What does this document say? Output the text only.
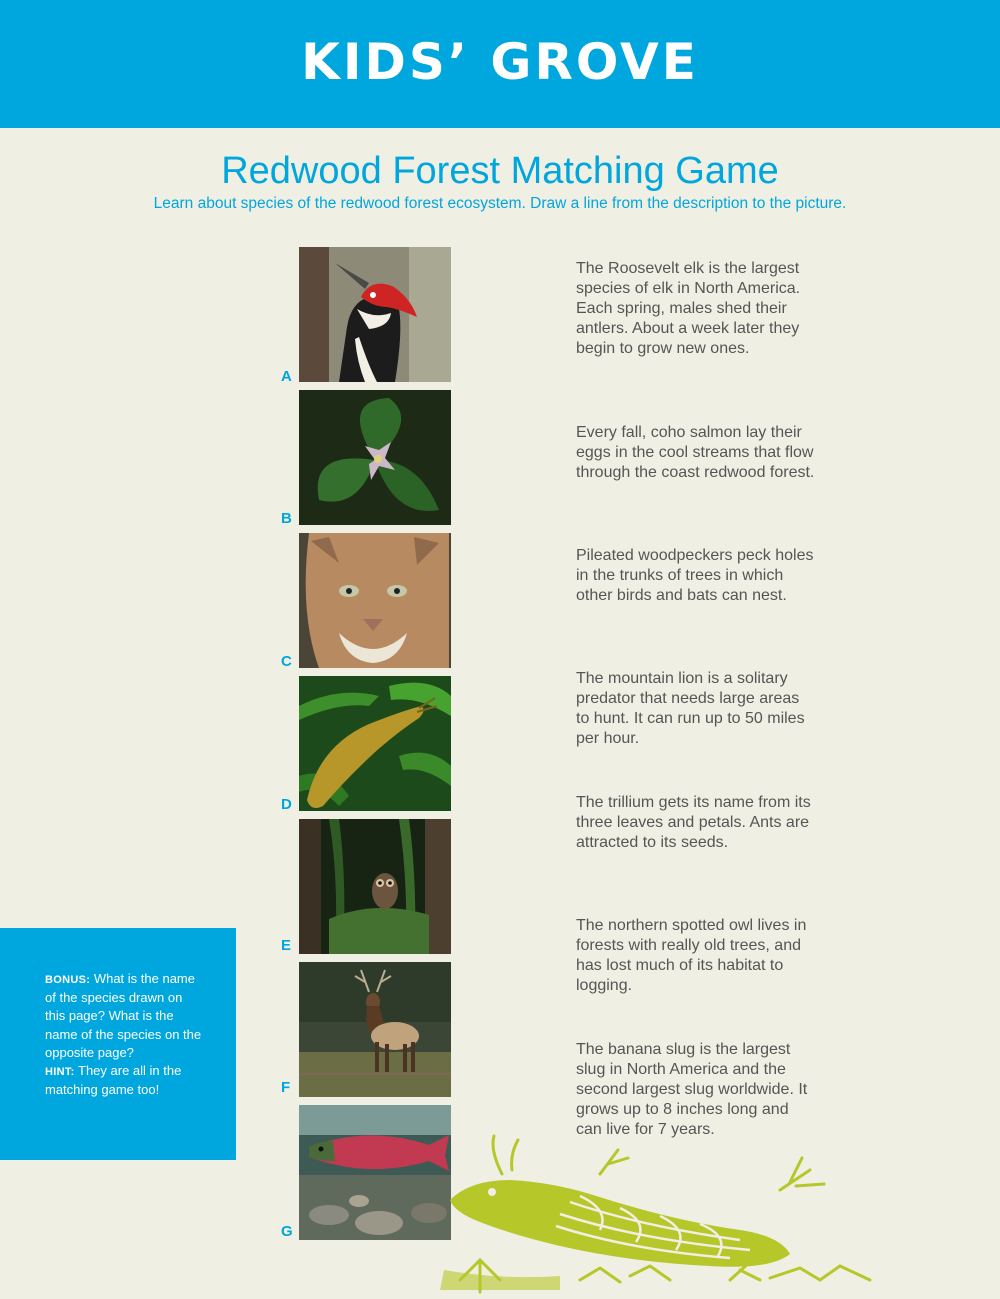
KIDS’ GROVE
Redwood Forest Matching Game
Learn about species of the redwood forest ecosystem. Draw a line from the description to the picture.
A
B
C
D
E
F
G
The Roosevelt elk is the largest species of elk in North America. Each spring, males shed their antlers. About a week later they begin to grow new ones.
Every fall, coho salmon lay their eggs in the cool streams that flow through the coast redwood forest.
Pileated woodpeckers peck holes in the trunks of trees in which other birds and bats can nest.
The mountain lion is a solitary predator that needs large areas to hunt. It can run up to 50 miles per hour.
The trillium gets its name from its three leaves and petals. Ants are attracted to its seeds.
The northern spotted owl lives in forests with really old trees, and has lost much of its habitat to logging.
The banana slug is the largest slug in North America and the second largest slug worldwide. It grows up to 8 inches long and can live for 7 years.
BONUS: What is the name of the species drawn on this page? What is the name of the species on the opposite page?
HINT: They are all in the matching game too!
